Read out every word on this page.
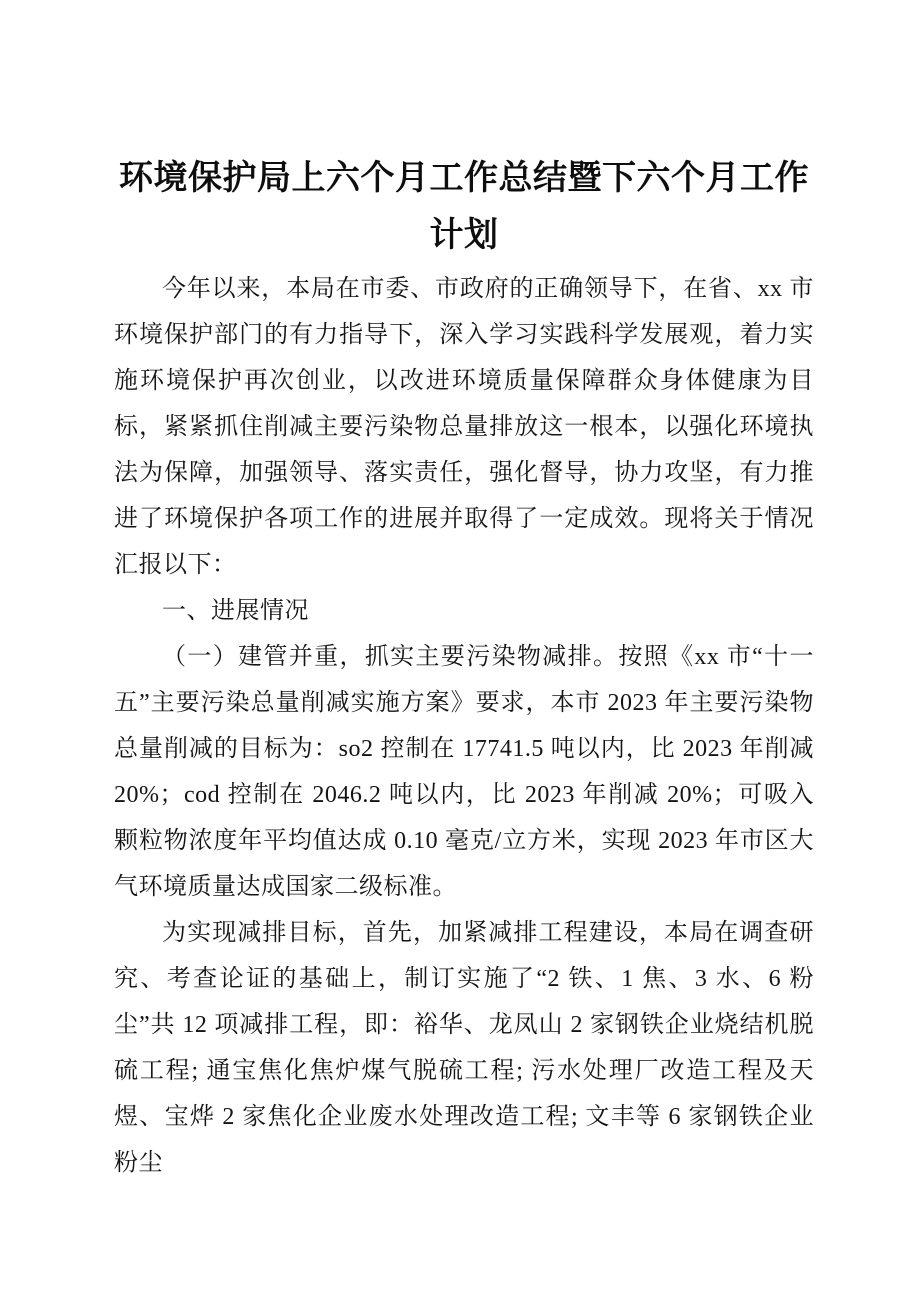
环境保护局上六个月工作总结暨下六个月工作计划

今年以来，本局在市委、市政府的正确领导下，在省、xx 市环境保护部门的有力指导下，深入学习实践科学发展观，着力实施环境保护再次创业，以改进环境质量保障群众身体健康为目标，紧紧抓住削减主要污染物总量排放这一根本，以强化环境执法为保障，加强领导、落实责任，强化督导，协力攻坚，有力推进了环境保护各项工作的进展并取得了一定成效。现将关于情况汇报以下：

一、进展情况

（一）建管并重，抓实主要污染物减排。按照《xx 市“十一五”主要污染总量削减实施方案》要求，本市 2023 年主要污染物总量削减的目标为：so2 控制在 17741.5 吨以内，比 2023 年削减 20%；cod 控制在 2046.2 吨以内，比 2023 年削减 20%；可吸入颗粒物浓度年平均值达成 0.10 毫克/立方米，实现 2023 年市区大气环境质量达成国家二级标准。

为实现减排目标，首先，加紧减排工程建设，本局在调查研究、考查论证的基础上，制订实施了“2 铁、1 焦、3 水、6 粉尘”共 12 项减排工程，即：裕华、龙凤山 2 家钢铁企业烧结机脱硫工程; 通宝焦化焦炉煤气脱硫工程; 污水处理厂改造工程及天煜、宝烨 2 家焦化企业废水处理改造工程; 文丰等 6 家钢铁企业粉尘
